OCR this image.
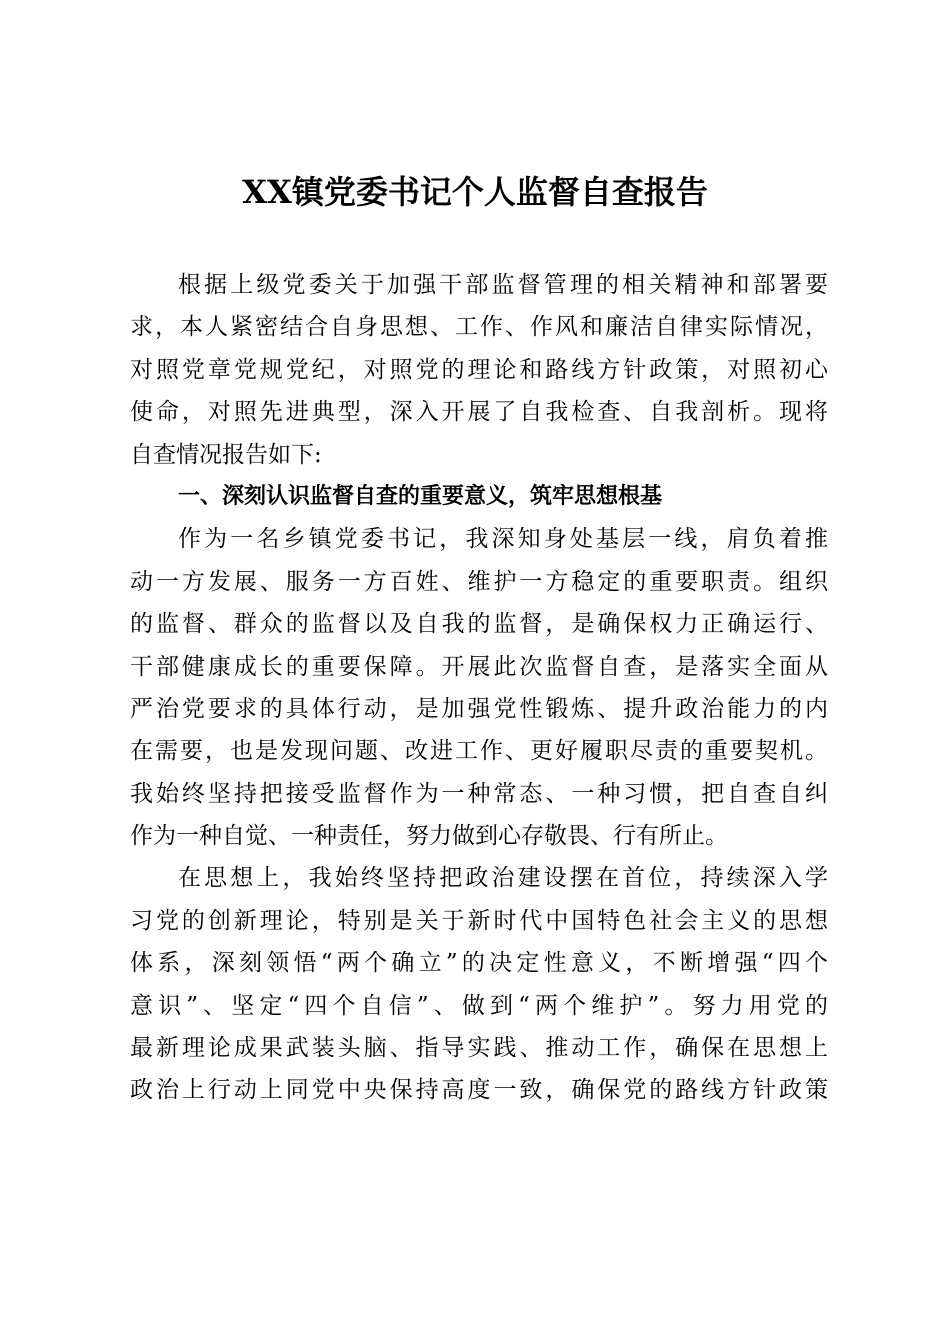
XX镇党委书记个人监督自查报告
根据上级党委关于加强干部监督管理的相关精神和部署要
求，本人紧密结合自身思想、工作、作风和廉洁自律实际情况，
对照党章党规党纪，对照党的理论和路线方针政策，对照初心
使命，对照先进典型，深入开展了自我检查、自我剖析。现将
自查情况报告如下:
一、深刻认识监督自查的重要意义，筑牢思想根基
作为一名乡镇党委书记，我深知身处基层一线，肩负着推
动一方发展、服务一方百姓、维护一方稳定的重要职责。组织
的监督、群众的监督以及自我的监督，是确保权力正确运行、
干部健康成长的重要保障。开展此次监督自查，是落实全面从
严治党要求的具体行动，是加强党性锻炼、提升政治能力的内
在需要，也是发现问题、改进工作、更好履职尽责的重要契机。
我始终坚持把接受监督作为一种常态、一种习惯，把自查自纠
作为一种自觉、一种责任，努力做到心存敬畏、行有所止。
在思想上，我始终坚持把政治建设摆在首位，持续深入学
习党的创新理论，特别是关于新时代中国特色社会主义的思想
体系，深刻领悟“两个确立”的决定性意义，不断增强“四个
意识”、坚定“四个自信”、做到“两个维护”。努力用党的
最新理论成果武装头脑、指导实践、推动工作，确保在思想上
政治上行动上同党中央保持高度一致，确保党的路线方针政策
